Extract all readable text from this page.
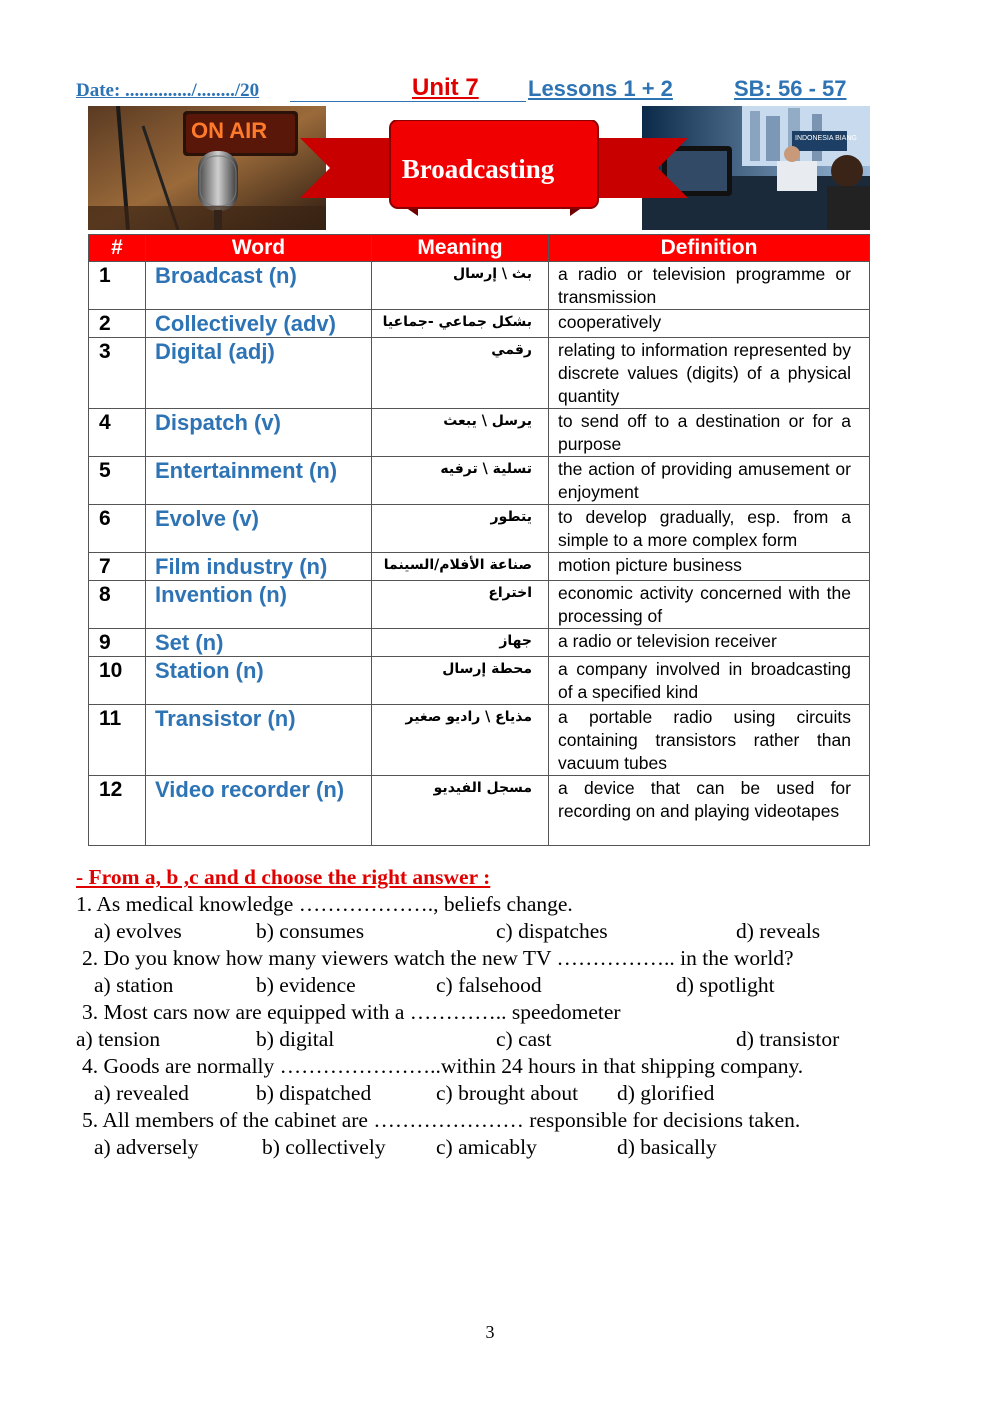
Date: ............../......../20	Unit 7 Lessons 1 + 2	SB: 56 - 57
ON AIR	INDONESIA BIANG
Broadcasting
#	Word	Meaning	Definition
1	Broadcast (n)	بث \ إرسال	a radio or television programme or transmission
2	Collectively (adv)	بشكل جماعي -جماعيا	cooperatively
3	Digital (adj)	رقمي	relating to information represented by discrete values (digits) of a physical quantity
4	Dispatch (v)	يرسل \ يبعث	to send off to a destination or for a purpose
5	Entertainment (n)	تسلية \ ترفيه	the action of providing amusement or enjoyment
6	Evolve (v)	يتطور	to develop gradually, esp. from a simple to a more complex form
7	Film industry (n)	صناعة الأفلام/السينما	motion picture business
8	Invention (n)	اختراع	economic activity concerned with the processing of
9	Set (n)	جهاز	a radio or television receiver
10	Station (n)	محطة إرسال	a company involved in broadcasting of a specified kind
11	Transistor (n)	مذياع \ راديو صغير	a portable radio using circuits containing transistors rather than vacuum tubes
12	Video recorder (n)	مسجل الفيديو	a device that can be used for recording on and playing videotapes
- From a, b ,c and d choose the right answer :
1. As medical knowledge ………………., beliefs change.
a) evolves	b) consumes	c) dispatches	d) reveals
2. Do you know how many viewers watch the new TV …………….. in the world?
a) station	b) evidence	c) falsehood	d) spotlight
3. Most cars now are equipped with a ………….. speedometer
a) tension	b) digital	c) cast	d) transistor
4. Goods are normally …………………..within 24 hours in that shipping company.
a) revealed	b) dispatched	c) brought about d) glorified
5. All members of the cabinet are ………………… responsible for decisions taken.
a) adversely	b) collectively c) amicably	d) basically
3
